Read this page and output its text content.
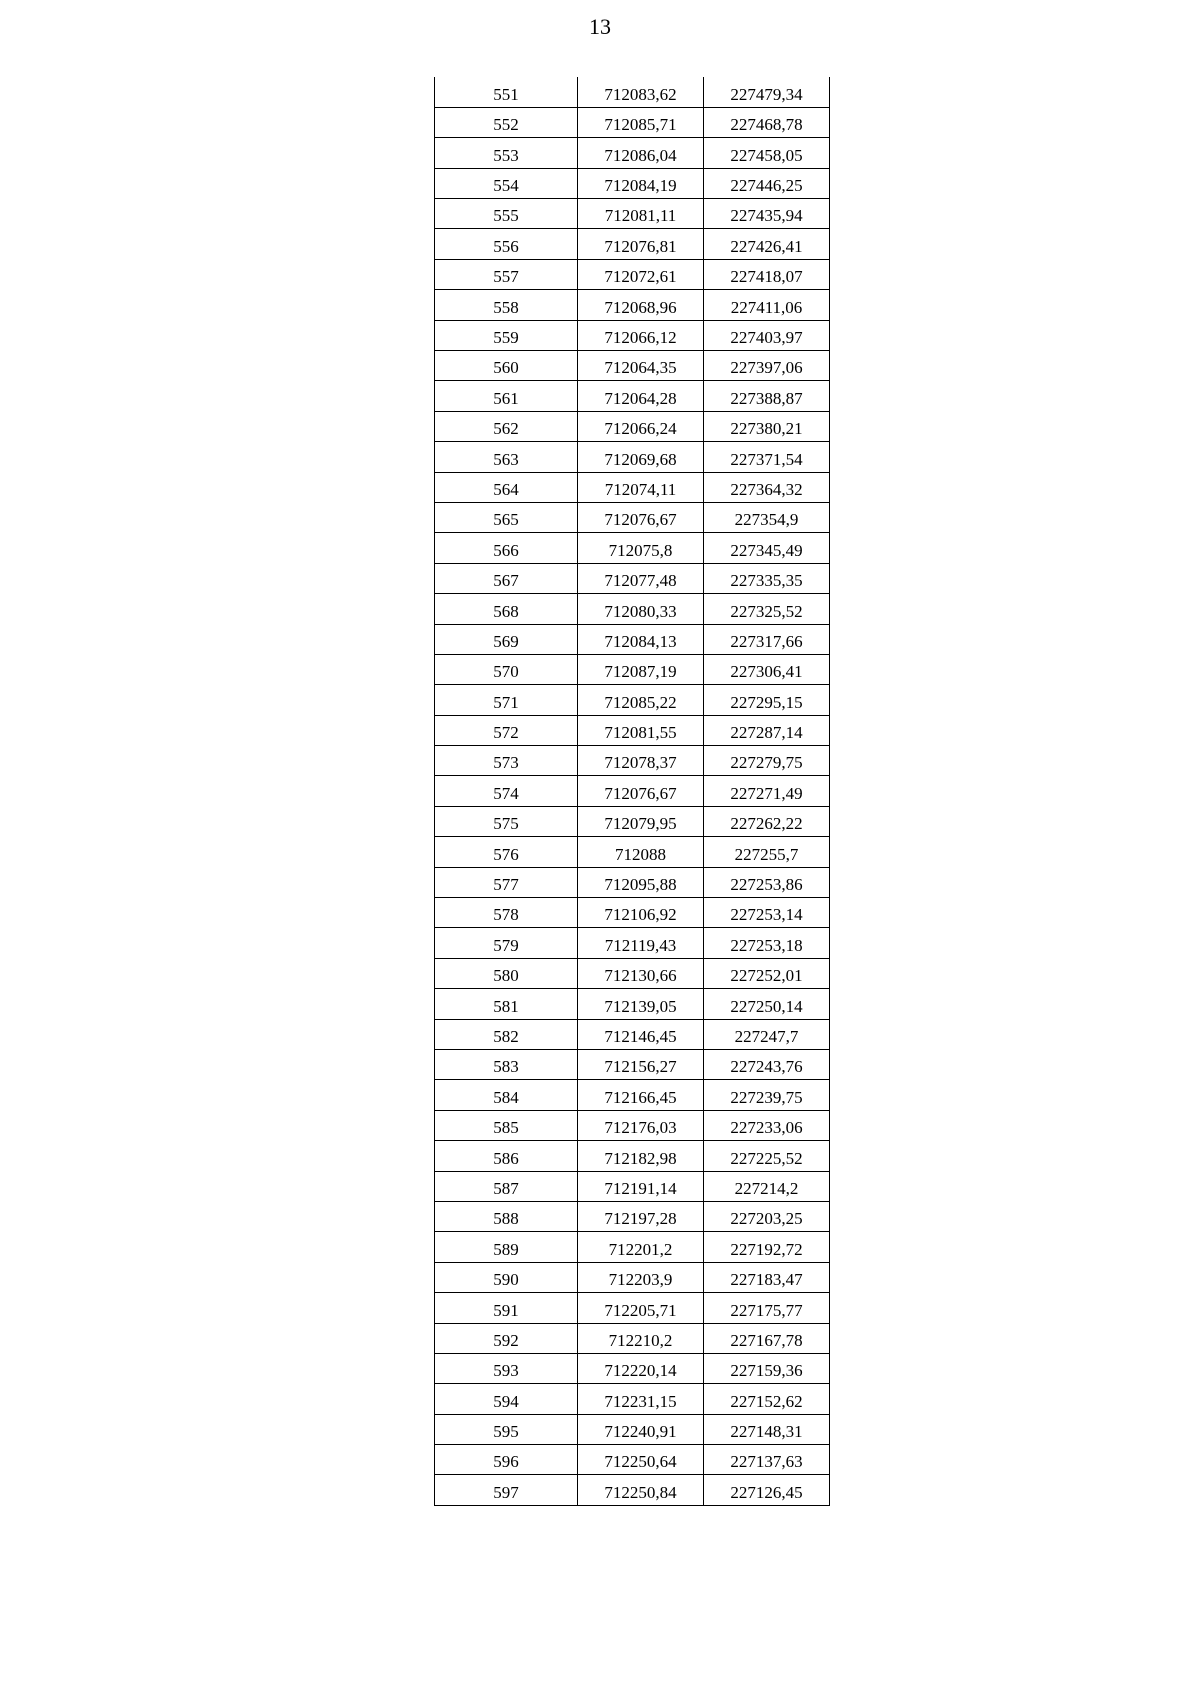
13
551	712083,62	227479,34
552	712085,71	227468,78
553	712086,04	227458,05
554	712084,19	227446,25
555	712081,11	227435,94
556	712076,81	227426,41
557	712072,61	227418,07
558	712068,96	227411,06
559	712066,12	227403,97
560	712064,35	227397,06
561	712064,28	227388,87
562	712066,24	227380,21
563	712069,68	227371,54
564	712074,11	227364,32
565	712076,67	227354,9
566	712075,8	227345,49
567	712077,48	227335,35
568	712080,33	227325,52
569	712084,13	227317,66
570	712087,19	227306,41
571	712085,22	227295,15
572	712081,55	227287,14
573	712078,37	227279,75
574	712076,67	227271,49
575	712079,95	227262,22
576	712088	227255,7
577	712095,88	227253,86
578	712106,92	227253,14
579	712119,43	227253,18
580	712130,66	227252,01
581	712139,05	227250,14
582	712146,45	227247,7
583	712156,27	227243,76
584	712166,45	227239,75
585	712176,03	227233,06
586	712182,98	227225,52
587	712191,14	227214,2
588	712197,28	227203,25
589	712201,2	227192,72
590	712203,9	227183,47
591	712205,71	227175,77
592	712210,2	227167,78
593	712220,14	227159,36
594	712231,15	227152,62
595	712240,91	227148,31
596	712250,64	227137,63
597	712250,84	227126,45
